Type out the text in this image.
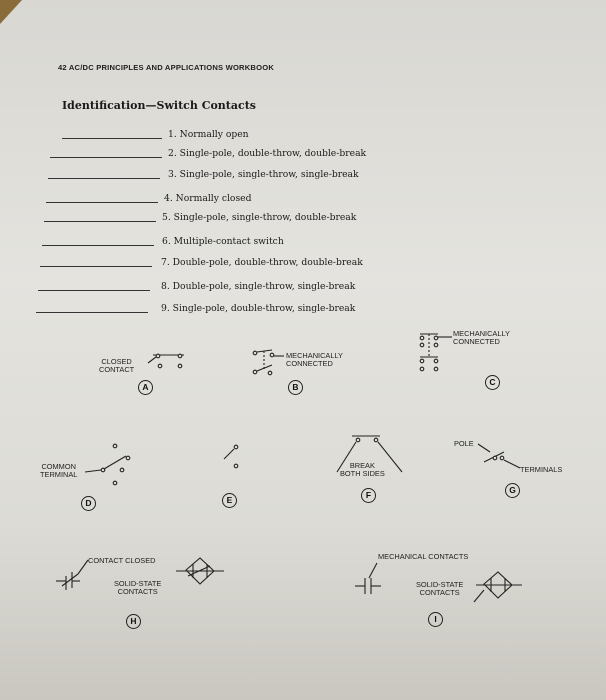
42 AC/DC PRINCIPLES AND APPLICATIONS WORKBOOK
Identification—Switch Contacts
1. Normally open
2. Single-pole, double-throw, double-break
3. Single-pole, single-throw, single-break
4. Normally closed
5. Single-pole, single-throw, double-break
6. Multiple-contact switch
7. Double-pole, double-throw, double-break
8. Double-pole, single-throw, single-break
9. Single-pole, double-throw, single-break
CLOSED
CONTACT
A
MECHANICALLY
CONNECTED
B
MECHANICALLY
CONNECTED
C
COMMON
TERMINAL
D	E
BREAK
BOTH SIDES
F
POLE
TERMINALS
G
CONTACT CLOSED
SOLID-STATE
CONTACTS
H
MECHANICAL CONTACTS
SOLID-STATE
CONTACTS
I
